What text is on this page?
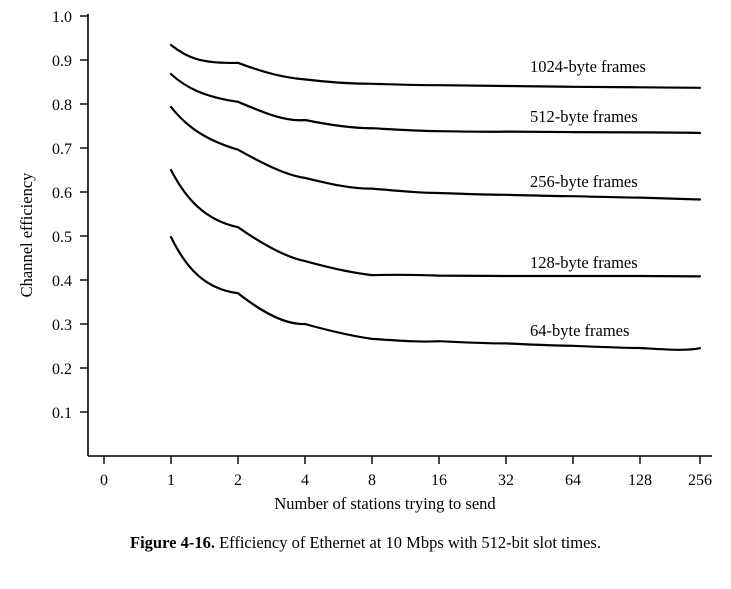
0.1
0.2
0.3
0.4
0.5
0.6
0.7
0.8
0.9
1.0
0	1	2	4	8	16	32	64	128 256
Number of stations trying to send
Channel efficiency
1024-byte frames
512-byte frames
256-byte frames
128-byte frames
64-byte frames
Figure 4-16. Efficiency of Ethernet at 10 Mbps with 512-bit slot times.
